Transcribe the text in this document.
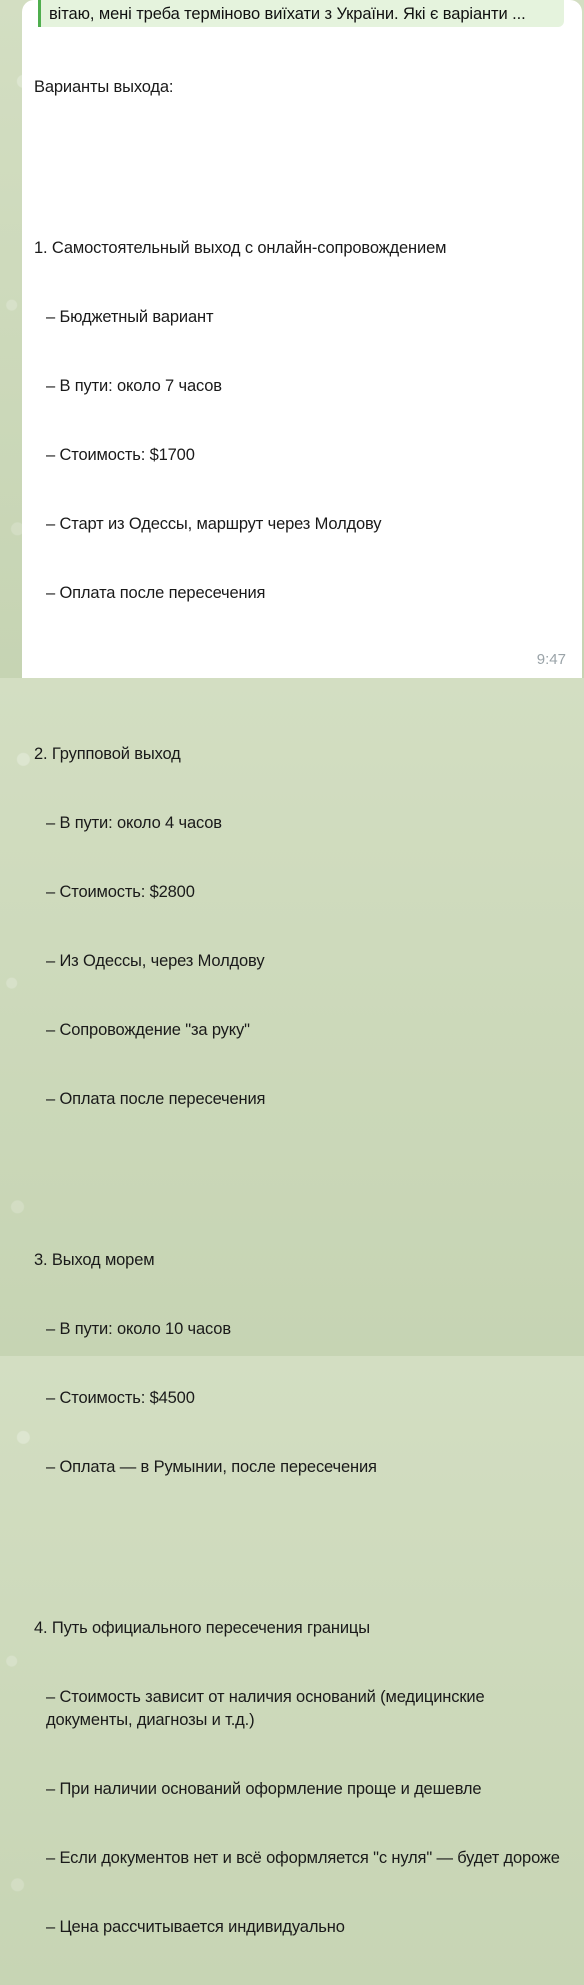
вітаю, мені треба терміново виїхати з України. Які є варіанти ...

Варианты выхода:

1. Самостоятельный выход с онлайн-сопровождением

– Бюджетный вариант

– В пути: около 7 часов

– Стоимость: $1700

– Старт из Одессы, маршрут через Молдову

– Оплата после пересечения

2. Групповой выход

– В пути: около 4 часов

– Стоимость: $2800

– Из Одессы, через Молдову

– Сопровождение "за руку"

– Оплата после пересечения

3. Выход морем

– В пути: около 10 часов

– Стоимость: $4500

– Оплата — в Румынии, после пересечения

4. Путь официального пересечения границы

– Стоимость зависит от наличия оснований (медицинские документы, диагнозы и т.д.)

– При наличии оснований оформление проще и дешевле

– Если документов нет и всё оформляется "с нуля" — будет дороже

– Цена рассчитывается индивидуально

9:47
